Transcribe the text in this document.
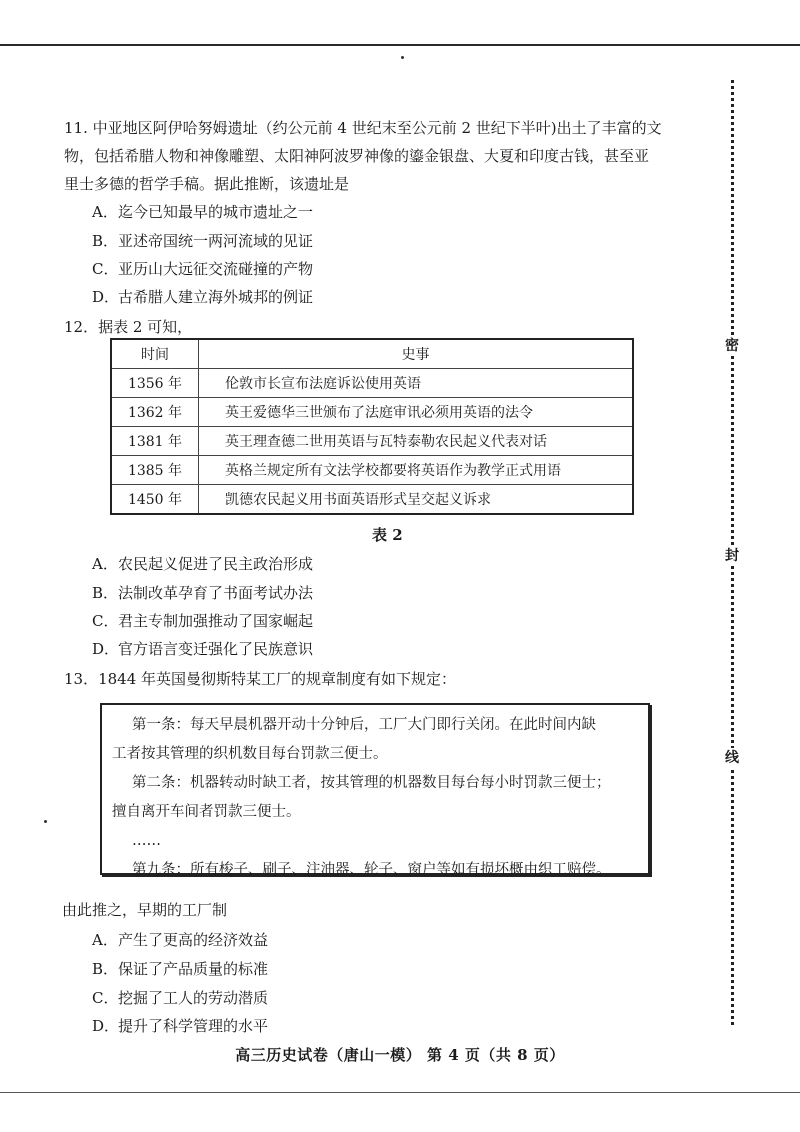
密
封
线
11. 中亚地区阿伊哈努姆遗址（约公元前 4 世纪末至公元前 2 世纪下半叶)出土了丰富的文
物，包括希腊人物和神像雕塑、太阳神阿波罗神像的鎏金银盘、大夏和印度古钱，甚至亚
里士多德的哲学手稿。据此推断，该遗址是
A．迄今已知最早的城市遗址之一
B．亚述帝国统一两河流域的见证
C．亚历山大远征交流碰撞的产物
D．古希腊人建立海外城邦的例证
12．据表 2 可知，
时间	史事
1356 年	伦敦市长宣布法庭诉讼使用英语
1362 年	英王爱德华三世颁布了法庭审讯必须用英语的法令
1381 年	英王理查德二世用英语与瓦特泰勒农民起义代表对话
1385 年	英格兰规定所有文法学校都要将英语作为教学正式用语
1450 年	凯德农民起义用书面英语形式呈交起义诉求
表 2
A．农民起义促进了民主政治形成
B．法制改革孕育了书面考试办法
C．君主专制加强推动了国家崛起
D．官方语言变迁强化了民族意识
13．1844 年英国曼彻斯特某工厂的规章制度有如下规定：
第一条：每天早晨机器开动十分钟后，工厂大门即行关闭。在此时间内缺
工者按其管理的织机数目每台罚款三便士。
第二条：机器转动时缺工者，按其管理的机器数目每台每小时罚款三便士；
擅自离开车间者罚款三便士。
……
第九条：所有梭子、刷子、注油器、轮子、窗户等如有损坏概由织工赔偿。
由此推之，早期的工厂制
A．产生了更高的经济效益
B．保证了产品质量的标准
C．挖掘了工人的劳动潜质
D．提升了科学管理的水平
高三历史试卷（唐山一模） 第 4 页（共 8 页）
